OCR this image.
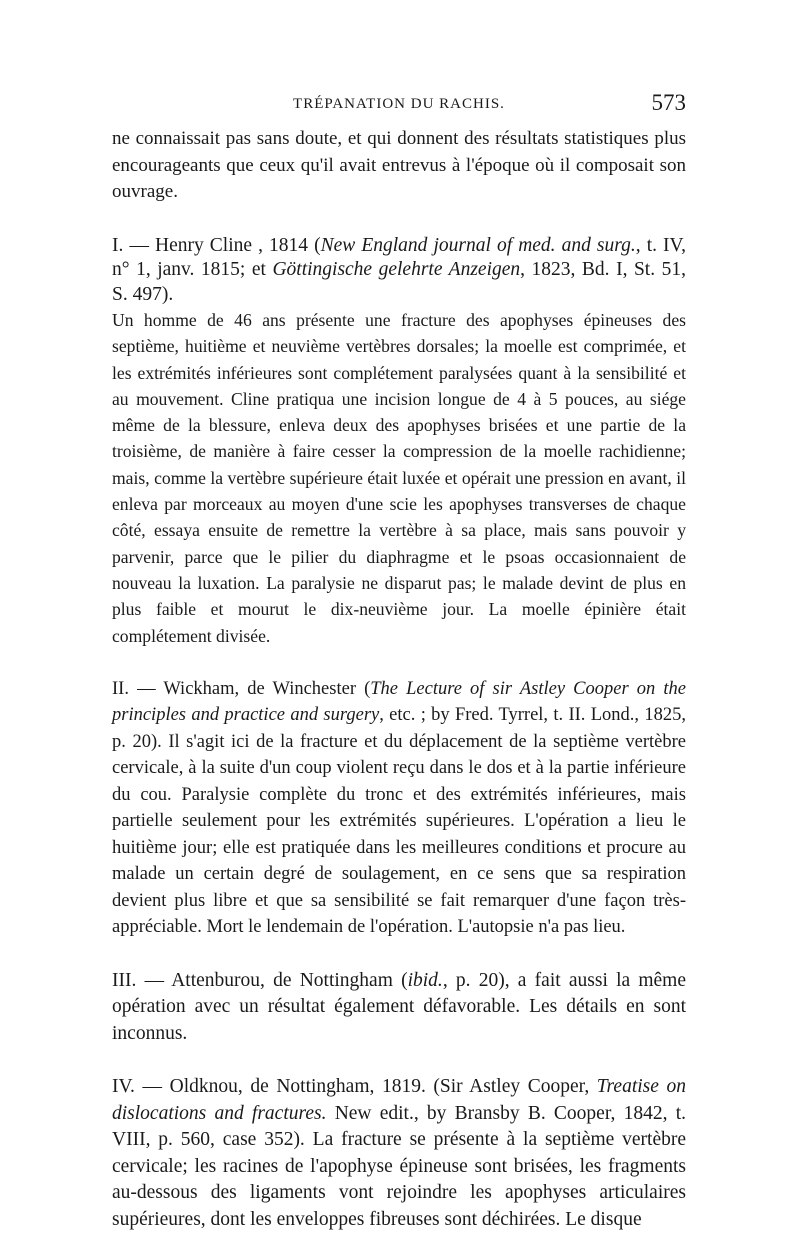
TRÉPANATION DU RACHIS.	573

ne connaissait pas sans doute, et qui donnent des résultats statistiques plus encourageants que ceux qu'il avait entrevus à l'époque où il composait son ouvrage.

I. — Henry Cline , 1814 (New England journal of med. and surg., t. IV, n° 1, janv. 1815; et Göttingische gelehrte Anzeigen, 1823, Bd. I, St. 51, S. 497).

Un homme de 46 ans présente une fracture des apophyses épineuses des septième, huitième et neuvième vertèbres dorsales; la moelle est comprimée, et les extrémités inférieures sont complétement paralysées quant à la sensibilité et au mouvement. Cline pratiqua une incision longue de 4 à 5 pouces, au siége même de la blessure, enleva deux des apophyses brisées et une partie de la troisième, de manière à faire cesser la compression de la moelle rachidienne; mais, comme la vertèbre supérieure était luxée et opérait une pression en avant, il enleva par morceaux au moyen d'une scie les apophyses transverses de chaque côté, essaya ensuite de remettre la vertèbre à sa place, mais sans pouvoir y parvenir, parce que le pilier du diaphragme et le psoas occasionnaient de nouveau la luxation. La paralysie ne disparut pas; le malade devint de plus en plus faible et mourut le dix-neuvième jour. La moelle épinière était complétement divisée.

II. — Wickham, de Winchester (The Lecture of sir Astley Cooper on the principles and practice and surgery, etc. ; by Fred. Tyrrel, t. II. Lond., 1825, p. 20). Il s'agit ici de la fracture et du déplacement de la septième vertèbre cervicale, à la suite d'un coup violent reçu dans le dos et à la partie inférieure du cou. Paralysie complète du tronc et des extrémités inférieures, mais partielle seulement pour les extrémités supérieures. L'opération a lieu le huitième jour; elle est pratiquée dans les meilleures conditions et procure au malade un certain degré de soulagement, en ce sens que sa respiration devient plus libre et que sa sensibilité se fait remarquer d'une façon très-appréciable. Mort le lendemain de l'opération. L'autopsie n'a pas lieu.

III. — Attenburou, de Nottingham (ibid., p. 20), a fait aussi la même opération avec un résultat également défavorable. Les détails en sont inconnus.

IV. — Oldknou, de Nottingham, 1819. (Sir Astley Cooper, Treatise on dislocations and fractures. New edit., by Bransby B. Cooper, 1842, t. VIII, p. 560, case 352). La fracture se présente à la septième vertèbre cervicale; les racines de l'apophyse épineuse sont brisées, les fragments au-dessous des ligaments vont rejoindre les apophyses articulaires supérieures, dont les enveloppes fibreuses sont déchirées. Le disque
